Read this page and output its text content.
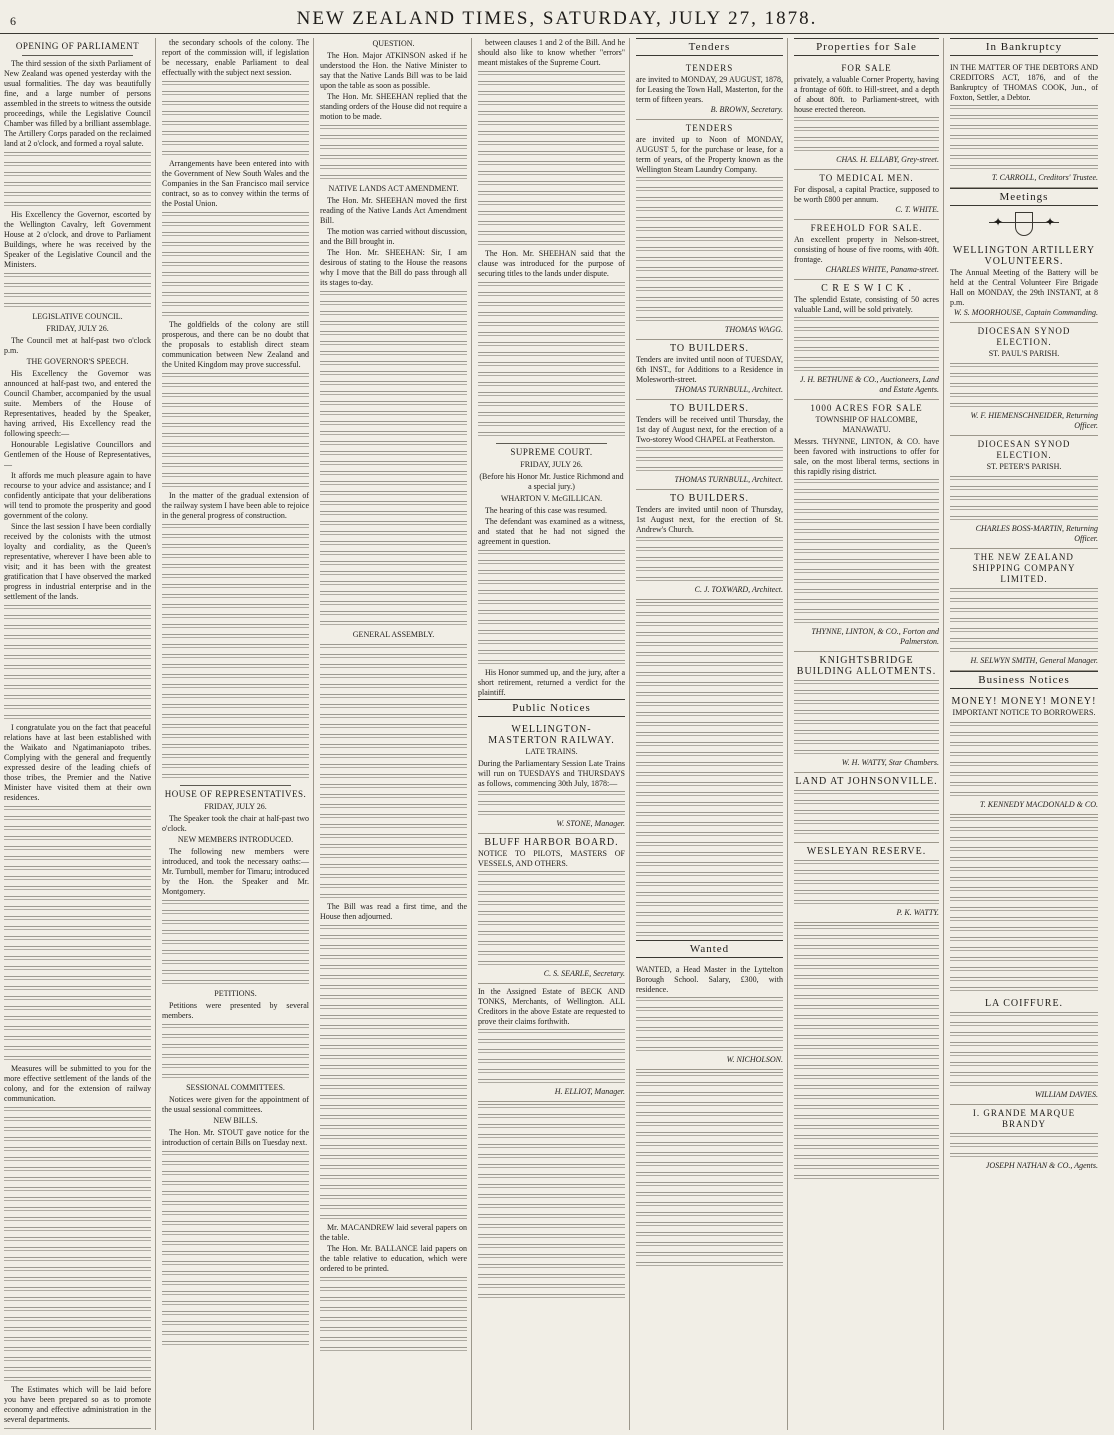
6	NEW ZEALAND TIMES, SATURDAY, JULY 27, 1878.
OPENING OF PARLIAMENT
The third session of the sixth Parliament of New Zealand was opened yesterday with the usual formalities. The day was beautifully fine, and a large number of persons assembled in the streets to witness the outside proceedings, while the Legislative Council Chamber was filled by a brilliant assemblage. The Artillery Corps paraded on the reclaimed land at 2 o'clock, and formed a royal salute.
His Excellency the Governor, escorted by the Wellington Cavalry, left Government House at 2 o'clock, and drove to Parliament Buildings, where he was received by the Speaker of the Legislative Council and the Ministers.
LEGISLATIVE COUNCIL.
FRIDAY, JULY 26.
The Council met at half-past two o'clock p.m.
THE GOVERNOR'S SPEECH.
His Excellency the Governor was announced at half-past two, and entered the Council Chamber, accompanied by the usual suite. Members of the House of Representatives, headed by the Speaker, having arrived, His Excellency read the following speech:—
Honourable Legislative Councillors and Gentlemen of the House of Representatives,—
It affords me much pleasure again to have recourse to your advice and assistance; and I confidently anticipate that your deliberations will tend to promote the prosperity and good government of the colony.
Since the last session I have been cordially received by the colonists with the utmost loyalty and cordiality, as the Queen's representative, wherever I have been able to visit; and it has been with the greatest gratification that I have observed the marked progress in industrial enterprise and in the settlement of the lands.
I congratulate you on the fact that peaceful relations have at last been established with the Waikato and Ngatimaniapoto tribes. Complying with the general and frequently expressed desire of the leading chiefs of those tribes, the Premier and the Native Minister have visited them at their own residences.
Measures will be submitted to you for the more effective settlement of the lands of the colony, and for the extension of railway communication.
The Estimates which will be laid before you have been prepared so as to promote economy and effective administration in the several departments.
the secondary schools of the colony. The report of the commission will, if legislation be necessary, enable Parliament to deal effectually with the subject next session.
Arrangements have been entered into with the Government of New South Wales and the Companies in the San Francisco mail service contract, so as to convey within the terms of the Postal Union.
The goldfields of the colony are still prosperous, and there can be no doubt that the proposals to establish direct steam communication between New Zealand and the United Kingdom may prove successful.
In the matter of the gradual extension of the railway system I have been able to rejoice in the general progress of construction.
HOUSE OF REPRESENTATIVES.
FRIDAY, JULY 26.
The Speaker took the chair at half-past two o'clock.
NEW MEMBERS INTRODUCED.
The following new members were introduced, and took the necessary oaths:—Mr. Turnbull, member for Timaru; introduced by the Hon. the Speaker and Mr. Montgomery.
PETITIONS.
Petitions were presented by several members.
SESSIONAL COMMITTEES.
Notices were given for the appointment of the usual sessional committees.
NEW BILLS.
The Hon. Mr. STOUT gave notice for the introduction of certain Bills on Tuesday next.
QUESTION.
The Hon. Major ATKINSON asked if he understood the Hon. the Native Minister to say that the Native Lands Bill was to be laid upon the table as soon as possible.
The Hon. Mr. SHEEHAN replied that the standing orders of the House did not require a motion to be made.
NATIVE LANDS ACT AMENDMENT.
The Hon. Mr. SHEEHAN moved the first reading of the Native Lands Act Amendment Bill.
The motion was carried without discussion, and the Bill brought in.
The Hon. Mr. SHEEHAN: Sir, I am desirous of stating to the House the reasons why I move that the Bill do pass through all its stages to-day.
GENERAL ASSEMBLY.
The Bill was read a first time, and the House then adjourned.
Mr. MACANDREW laid several papers on the table.
The Hon. Mr. BALLANCE laid papers on the table relative to education, which were ordered to be printed.
between clauses 1 and 2 of the Bill. And he should also like to know whether "errors" meant mistakes of the Supreme Court.
The Hon. Mr. SHEEHAN said that the clause was introduced for the purpose of securing titles to the lands under dispute.
SUPREME COURT.
FRIDAY, JULY 26.
(Before his Honor Mr. Justice Richmond and a special jury.)
WHARTON V. McGILLICAN.
The hearing of this case was resumed.
The defendant was examined as a witness, and stated that he had not signed the agreement in question.
His Honor summed up, and the jury, after a short retirement, returned a verdict for the plaintiff.
Public Notices
WELLINGTON-MASTERTON RAILWAY.
LATE TRAINS.
During the Parliamentary Session Late Trains will run on TUESDAYS and THURSDAYS as follows, commencing 30th July, 1878:—
W. STONE, Manager.
BLUFF HARBOR BOARD.
NOTICE TO PILOTS, MASTERS OF VESSELS, AND OTHERS.
C. S. SEARLE, Secretary.
In the Assigned Estate of BECK AND TONKS, Merchants, of Wellington. ALL Creditors in the above Estate are requested to prove their claims forthwith.
H. ELLIOT, Manager.
Tenders
TENDERS
are invited to MONDAY, 29 AUGUST, 1878, for Leasing the Town Hall, Masterton, for the term of fifteen years.
B. BROWN, Secretary.
TENDERS
are invited up to Noon of MONDAY, AUGUST 5, for the purchase or lease, for a term of years, of the Property known as the Wellington Steam Laundry Company.
THOMAS WAGG.
TO BUILDERS.
Tenders are invited until noon of TUESDAY, 6th INST., for Additions to a Residence in Molesworth-street.
THOMAS TURNBULL, Architect.
TO BUILDERS.
Tenders will be received until Thursday, the 1st day of August next, for the erection of a Two-storey Wood CHAPEL at Featherston.
THOMAS TURNBULL, Architect.
TO BUILDERS.
Tenders are invited until noon of Thursday, 1st August next, for the erection of St. Andrew's Church.
C. J. TOXWARD, Architect.
Wanted
WANTED, a Head Master in the Lyttelton Borough School. Salary, £300, with residence.
W. NICHOLSON.
Properties for Sale
FOR SALE
privately, a valuable Corner Property, having a frontage of 60ft. to Hill-street, and a depth of about 80ft. to Parliament-street, with house erected thereon.
CHAS. H. ELLABY, Grey-street.
TO MEDICAL MEN.
For disposal, a capital Practice, supposed to be worth £800 per annum.
C. T. WHITE.
FREEHOLD FOR SALE.
An excellent property in Nelson-street, consisting of house of five rooms, with 40ft. frontage.
CHARLES WHITE, Panama-street.
C R E S W I C K .
The splendid Estate, consisting of 50 acres valuable Land, will be sold privately.
J. H. BETHUNE & CO., Auctioneers, Land and Estate Agents.
1000 ACRES FOR SALE
TOWNSHIP OF HALCOMBE, MANAWATU.
Messrs. THYNNE, LINTON, & CO. have been favored with instructions to offer for sale, on the most liberal terms, sections in this rapidly rising district.
THYNNE, LINTON, & CO., Forton and Palmerston.
KNIGHTSBRIDGE BUILDING ALLOTMENTS.
W. H. WATTY, Star Chambers.
LAND AT JOHNSONVILLE.
WESLEYAN RESERVE.
P. K. WATTY.
In Bankruptcy
IN THE MATTER OF THE DEBTORS AND CREDITORS ACT, 1876, and of the Bankruptcy of THOMAS COOK, Jun., of Foxton, Settler, a Debtor.
T. CARROLL, Creditors' Trustee.
Meetings
✦	✦
WELLINGTON ARTILLERY VOLUNTEERS.
The Annual Meeting of the Battery will be held at the Central Volunteer Fire Brigade Hall on MONDAY, the 29th INSTANT, at 8 p.m.
W. S. MOORHOUSE, Captain Commanding.
DIOCESAN SYNOD ELECTION.
ST. PAUL'S PARISH.
W. F. HIEMENSCHNEIDER, Returning Officer.
DIOCESAN SYNOD ELECTION.
ST. PETER'S PARISH.
CHARLES BOSS-MARTIN, Returning Officer.
THE NEW ZEALAND SHIPPING COMPANY LIMITED.
H. SELWYN SMITH, General Manager.
Business Notices
MONEY! MONEY! MONEY!
IMPORTANT NOTICE TO BORROWERS.
T. KENNEDY MACDONALD & CO.
LA COIFFURE.
WILLIAM DAVIES.
I. GRANDE MARQUE BRANDY
JOSEPH NATHAN & CO., Agents.
